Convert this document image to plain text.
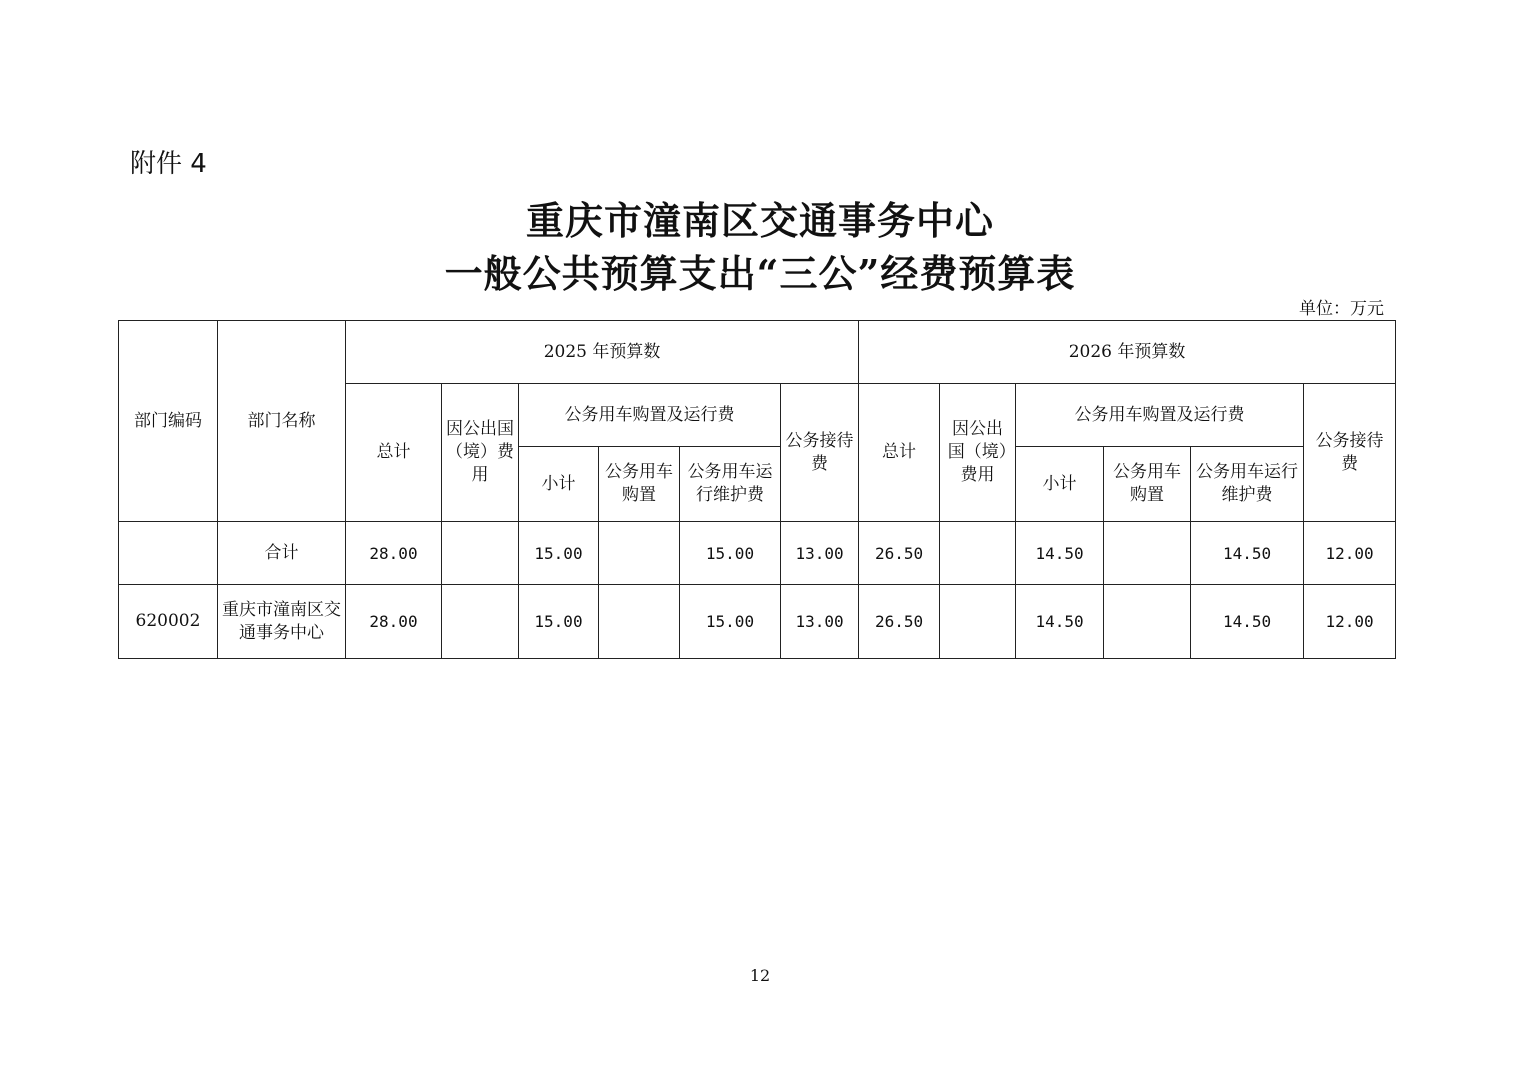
附件 4
重庆市潼南区交通事务中心
一般公共预算支出“三公”经费预算表
单位：万元
部门编码	部门名称	2025 年预算数						2026 年预算数					
		总计	因公出国（境）费用	公务用车购置及运行费			公务接待费	总计	因公出国（境）费用	公务用车购置及运行费			公务接待费
				小计	公务用车购置	公务用车运行维护费				小计	公务用车购置	公务用车运行维护费	
	合计	28.00		15.00		15.00	13.00	26.50		14.50		14.50	12.00
620002	重庆市潼南区交通事务中心	28.00		15.00		15.00	13.00	26.50		14.50		14.50	12.00
12
